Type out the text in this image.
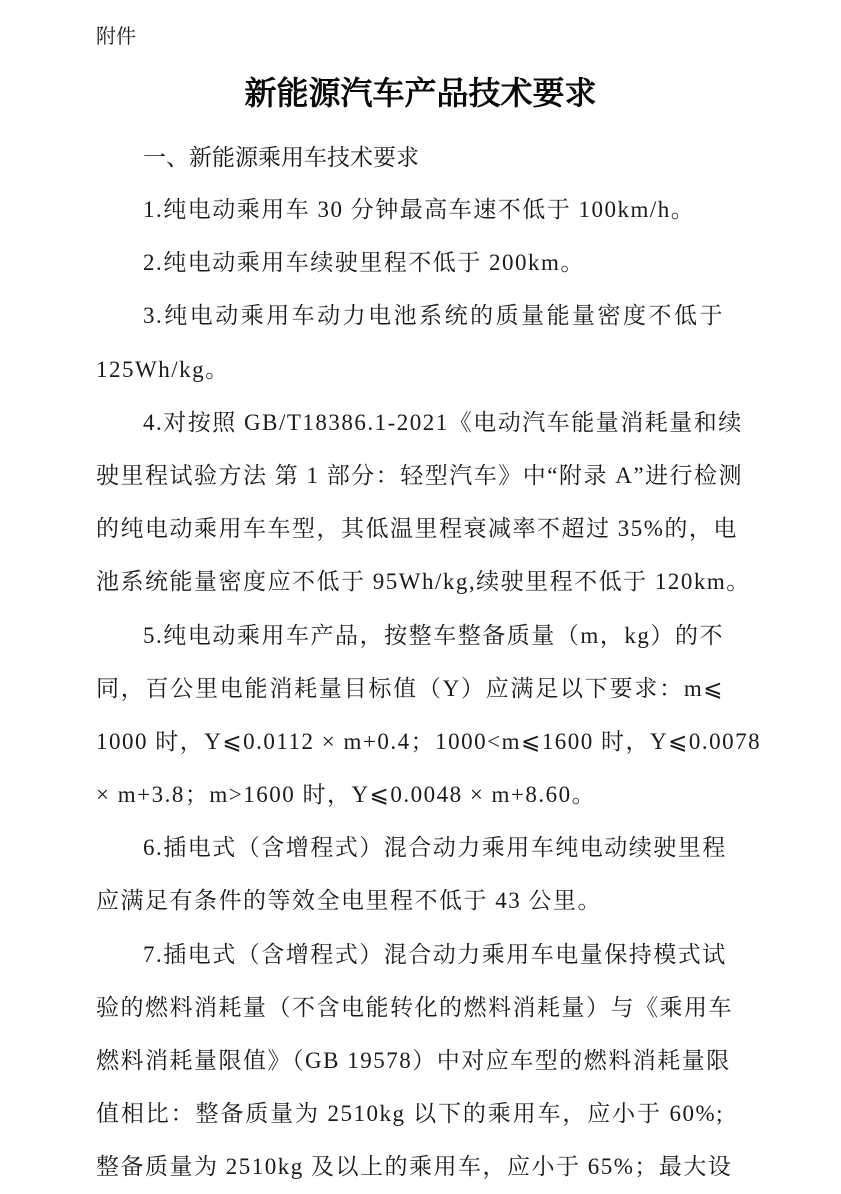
附件
新能源汽车产品技术要求
一、新能源乘用车技术要求
1.纯电动乘用车 30 分钟最高车速不低于 100km/h。
2.纯电动乘用车续驶里程不低于 200km。
3.纯电动乘用车动力电池系统的质量能量密度不低于
125Wh/kg。
4.对按照 GB/T18386.1-2021《电动汽车能量消耗量和续
驶里程试验方法 第 1 部分：轻型汽车》中“附录 A”进行检测
的纯电动乘用车车型，其低温里程衰减率不超过 35%的，电
池系统能量密度应不低于 95Wh/kg,续驶里程不低于 120km。
5.纯电动乘用车产品，按整车整备质量（m，kg）的不
同，百公里电能消耗量目标值（Y）应满足以下要求：m⩽
1000 时，Y⩽0.0112 × m+0.4；1000<m⩽1600 时，Y⩽0.0078
× m+3.8；m>1600 时，Y⩽0.0048 × m+8.60。
6.插电式（含增程式）混合动力乘用车纯电动续驶里程
应满足有条件的等效全电里程不低于 43 公里。
7.插电式（含增程式）混合动力乘用车电量保持模式试
验的燃料消耗量（不含电能转化的燃料消耗量）与《乘用车
燃料消耗量限值》（GB 19578）中对应车型的燃料消耗量限
值相比：整备质量为 2510kg 以下的乘用车，应小于 60%;
整备质量为 2510kg 及以上的乘用车，应小于 65%；最大设
